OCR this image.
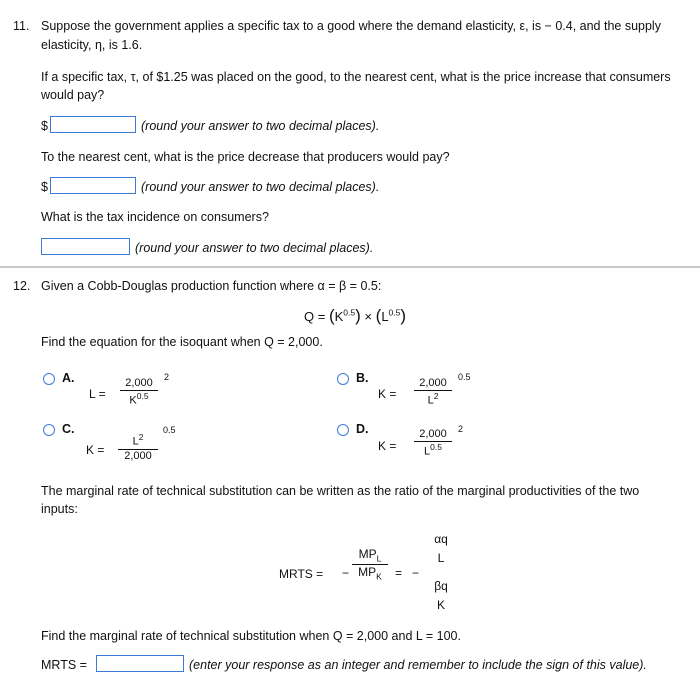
11. Suppose the government applies a specific tax to a good where the demand elasticity, ε, is − 0.4, and the supply
elasticity, η, is 1.6.
If a specific tax, τ, of $1.25 was placed on the good, to the nearest cent, what is the price increase that consumers
would pay?
$	(round your answer to two decimal places).
To the nearest cent, what is the price decrease that producers would pay?
$	(round your answer to two decimal places).
What is the tax incidence on consumers?
(round your answer to two decimal places).
12. Given a Cobb-Douglas production function where α = β = 0.5:
$Q = (K^{0.5}) \times (L^{0.5})$
Find the equation for the isoquant when Q = 2,000.
A.
L =
2,000
$K^{0.5}$
2	B.
K =
2,000
$L^2$
0.5
C.
K =
$L^2$
2,000
0.5	D.
K =
2,000
$L^{0.5}$
2
The marginal rate of technical substitution can be written as the ratio of the marginal productivities of the two
inputs:
MRTS = −
$MP_L$
$MP_K$	= −
αq
L
βq
K
Find the marginal rate of technical substitution when Q = 2,000 and L = 100.
MRTS =	(enter your response as an integer and remember to include the sign of this value).
